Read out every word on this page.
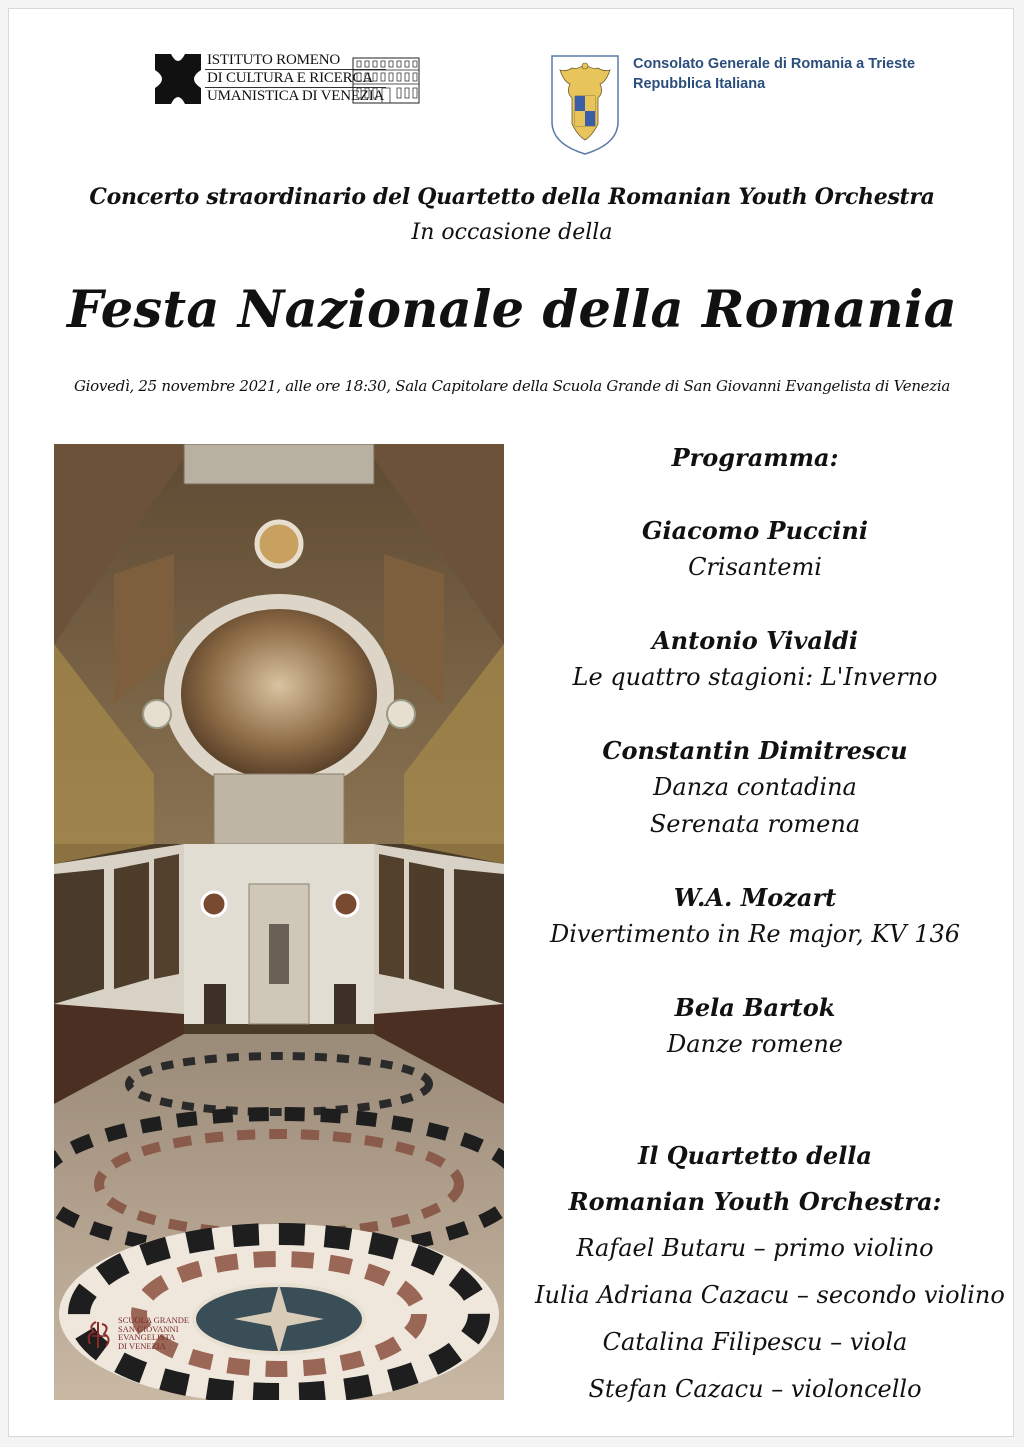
ISTITUTO ROMENO
DI CULTURA E RICERCA
UMANISTICA DI VENEZIA
Consolato Generale di Romania a Trieste
Repubblica Italiana
Concerto straordinario del Quartetto della Romanian Youth Orchestra
In occasione della
Festa Nazionale della Romania
Giovedì, 25 novembre 2021, alle ore 18:30, Sala Capitolare della Scuola Grande di San Giovanni Evangelista di Venezia
SCUOLA GRANDE
SAN GIOVANNI
EVANGELISTA
DI VENEZIA
Programma:
Giacomo Puccini
Crisantemi
Antonio Vivaldi
Le quattro stagioni: L'Inverno
Constantin Dimitrescu
Danza contadina
Serenata romena
W.A. Mozart
Divertimento in Re major, KV 136
Bela Bartok
Danze romene
Il Quartetto della
Romanian Youth Orchestra:
Rafael Butaru – primo violino
Iulia Adriana Cazacu – secondo violino
Catalina Filipescu – viola
Stefan Cazacu – violoncello
